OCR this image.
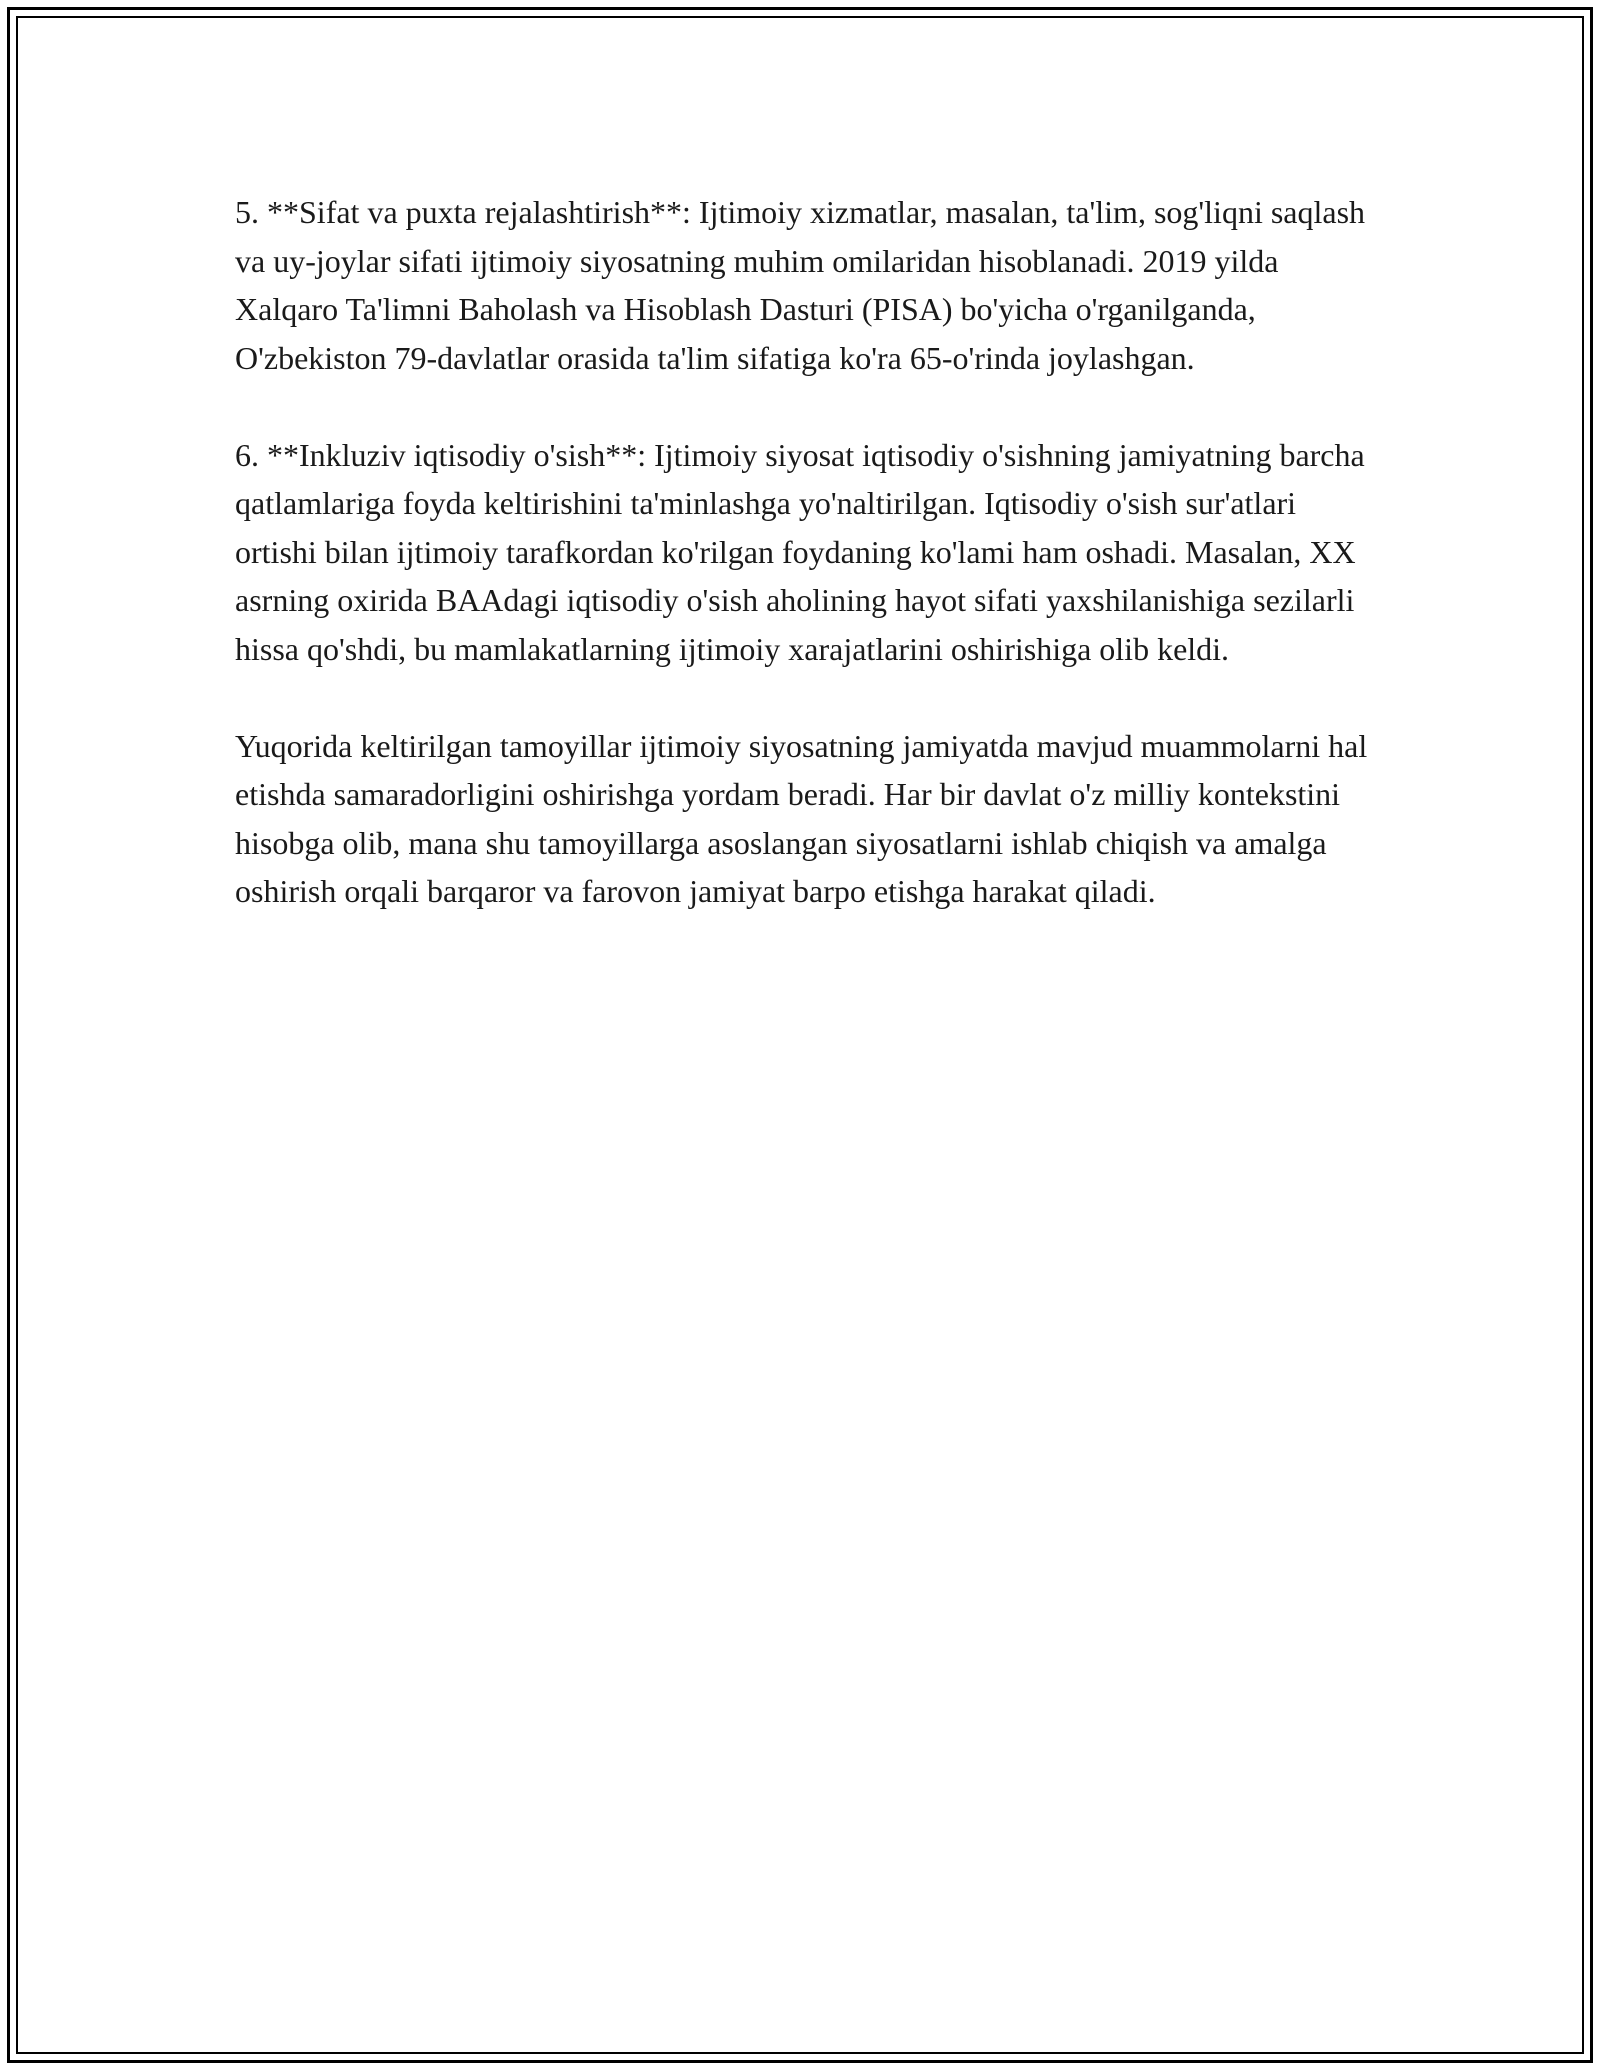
5. **Sifat va puxta rejalashtirish**: Ijtimoiy xizmatlar, masalan, ta'lim, sog'liqni saqlash va uy-joylar sifati ijtimoiy siyosatning muhim omilaridan hisoblanadi. 2019 yilda Xalqaro Ta'limni Baholash va Hisoblash Dasturi (PISA) bo'yicha o'rganilganda, O'zbekiston 79-davlatlar orasida ta'lim sifatiga ko'ra 65-o'rinda joylashgan.

6. **Inkluziv iqtisodiy o'sish**: Ijtimoiy siyosat iqtisodiy o'sishning jamiyatning barcha qatlamlariga foyda keltirishini ta'minlashga yo'naltirilgan. Iqtisodiy o'sish sur'atlari ortishi bilan ijtimoiy tarafkordan ko'rilgan foydaning ko'lami ham oshadi. Masalan, XX asrning oxirida BAAdagi iqtisodiy o'sish aholining hayot sifati yaxshilanishiga sezilarli hissa qo'shdi, bu mamlakatlarning ijtimoiy xarajatlarini oshirishiga olib keldi.

Yuqorida keltirilgan tamoyillar ijtimoiy siyosatning jamiyatda mavjud muammolarni hal etishda samaradorligini oshirishga yordam beradi. Har bir davlat o'z milliy kontekstini hisobga olib, mana shu tamoyillarga asoslangan siyosatlarni ishlab chiqish va amalga oshirish orqali barqaror va farovon jamiyat barpo etishga harakat qiladi.
